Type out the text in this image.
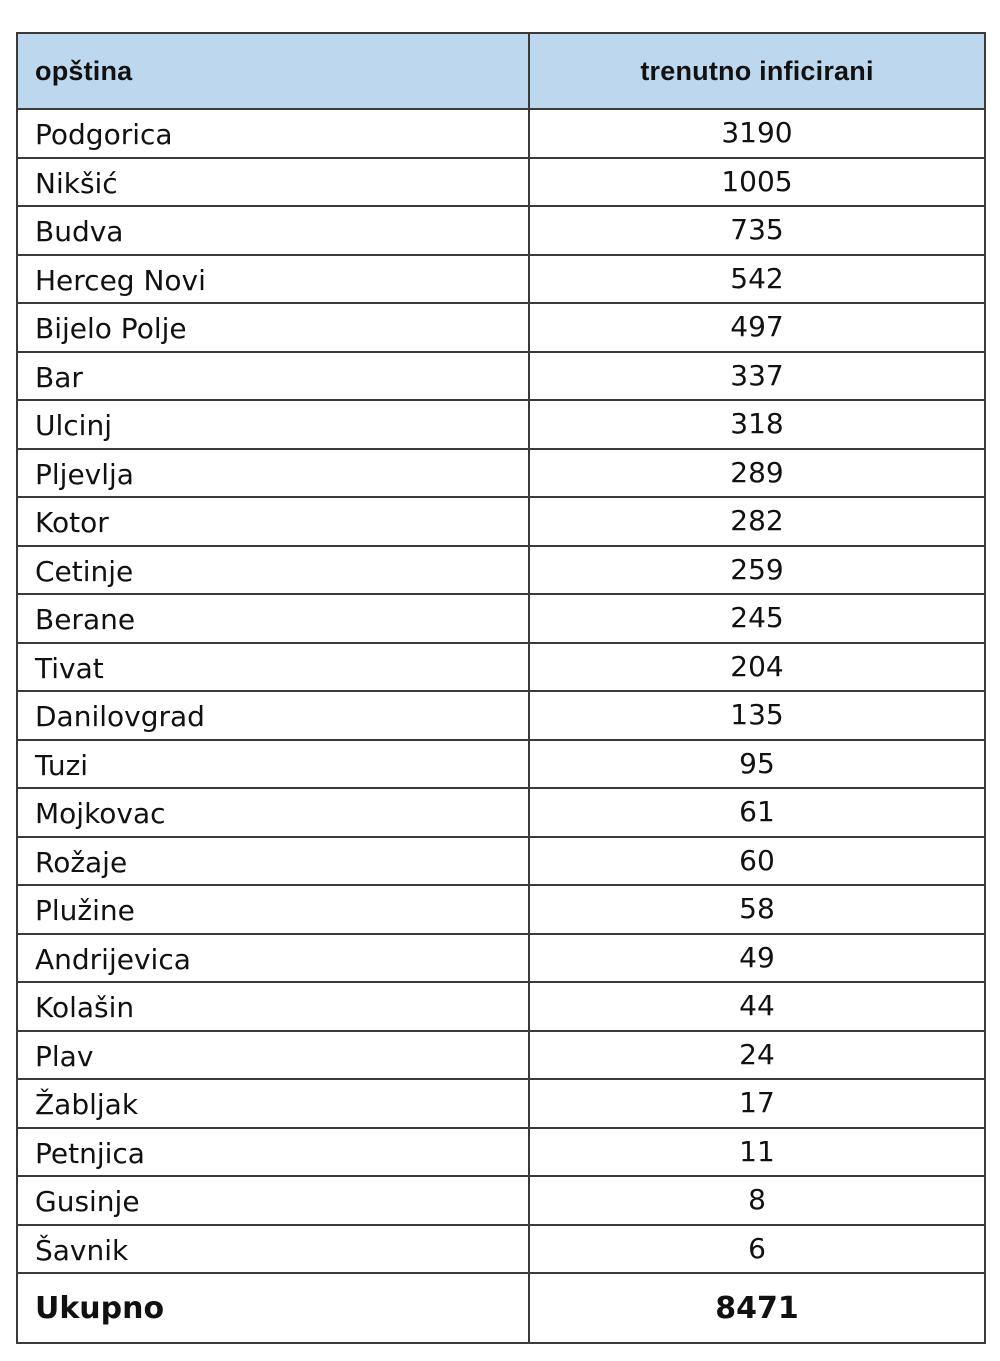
opština	trenutno inficirani
Podgorica	3190
Nikšić	1005
Budva	735
Herceg Novi	542
Bijelo Polje	497
Bar	337
Ulcinj	318
Pljevlja	289
Kotor	282
Cetinje	259
Berane	245
Tivat	204
Danilovgrad	135
Tuzi	95
Mojkovac	61
Rožaje	60
Plužine	58
Andrijevica	49
Kolašin	44
Plav	24
Žabljak	17
Petnjica	11
Gusinje	8
Šavnik	6
Ukupno	8471
